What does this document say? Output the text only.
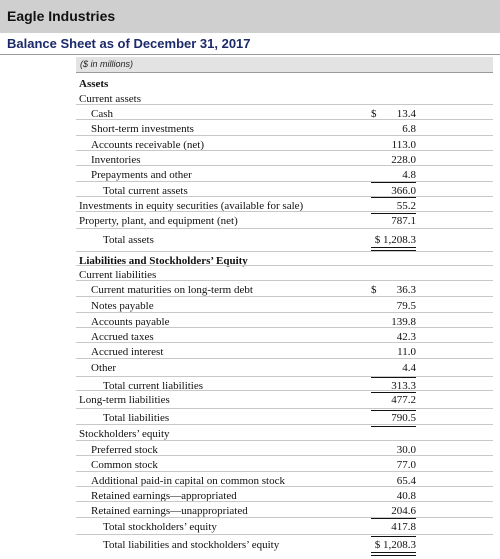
Eagle Industries
Balance Sheet as of December 31, 2017
($ in millions)
Assets
Current assets
Cash	$ 13.4
Short-term investments	6.8
Accounts receivable (net)	113.0
Inventories	228.0
Prepayments and other	4.8
Total current assets	366.0
Investments in equity securities (available for sale)	55.2
Property, plant, and equipment (net)	787.1
Total assets	$ 1,208.3
Liabilities and Stockholders’ Equity
Current liabilities
Current maturities on long-term debt	$ 36.3
Notes payable	79.5
Accounts payable	139.8
Accrued taxes	42.3
Accrued interest	11.0
Other	4.4
Total current liabilities	313.3
Long-term liabilities	477.2
Total liabilities	790.5
Stockholders’ equity
Preferred stock	30.0
Common stock	77.0
Additional paid-in capital on common stock	65.4
Retained earnings—appropriated	40.8
Retained earnings—unappropriated	204.6
Total stockholders’ equity	417.8
Total liabilities and stockholders’ equity	$ 1,208.3
